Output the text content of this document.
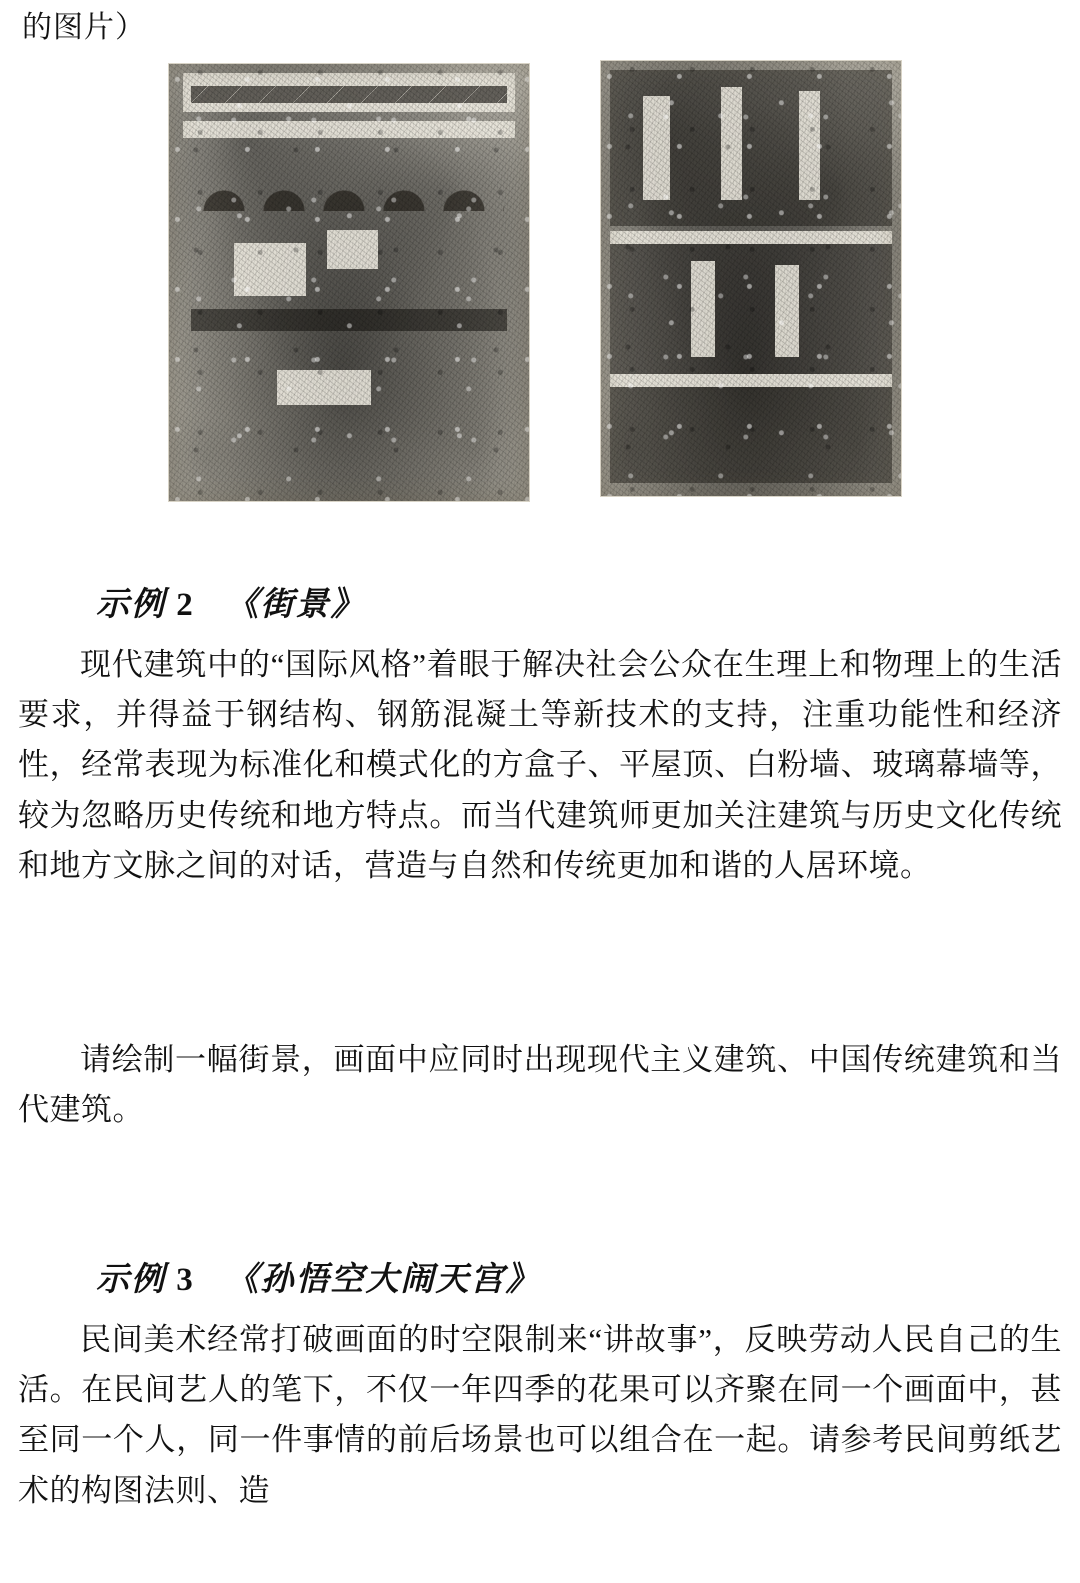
的图片）
示例 2 《街景》
现代建筑中的“国际风格”着眼于解决社会公众在生理上和物理上的生活要求，并得益于钢结构、钢筋混凝土等新技术的支持，注重功能性和经济性，经常表现为标准化和模式化的方盒子、平屋顶、白粉墙、玻璃幕墙等，较为忽略历史传统和地方特点。而当代建筑师更加关注建筑与历史文化传统和地方文脉之间的对话，营造与自然和传统更加和谐的人居环境。
请绘制一幅街景，画面中应同时出现现代主义建筑、中国传统建筑和当代建筑。
示例 3 《孙悟空大闹天宫》
民间美术经常打破画面的时空限制来“讲故事”，反映劳动人民自己的生活。在民间艺人的笔下，不仅一年四季的花果可以齐聚在同一个画面中，甚至同一个人，同一件事情的前后场景也可以组合在一起。请参考民间剪纸艺术的构图法则、造
